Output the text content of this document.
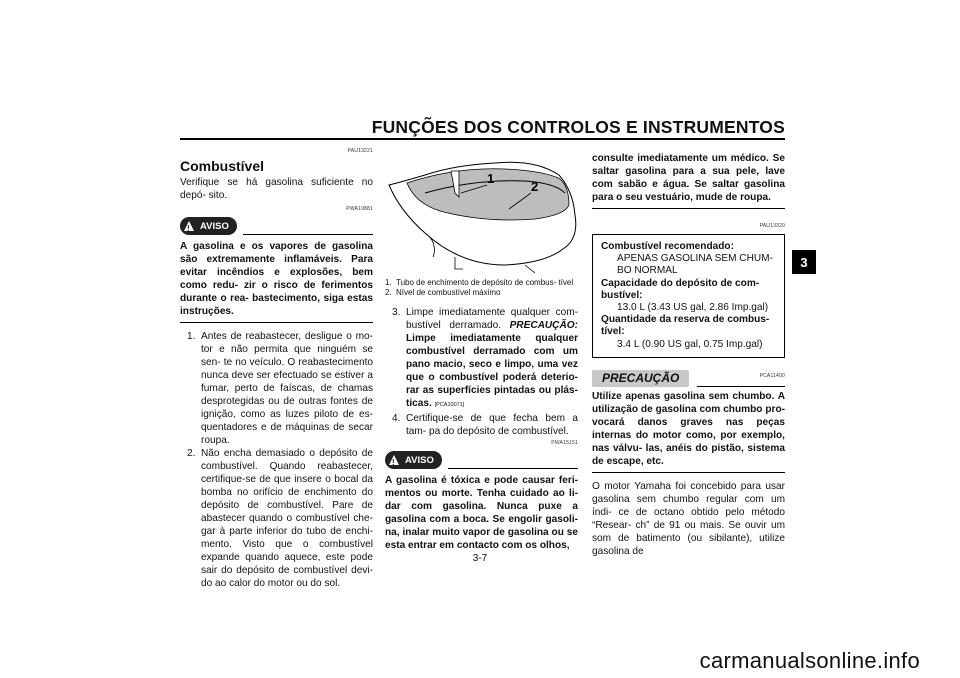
FUNÇÕES DOS CONTROLOS E INSTRUMENTOS
3
PAU13221
Combustível

Verifique se há gasolina suficiente no depó- sito.

PWA10881
!
AVISO

A gasolina e os vapores de gasolina são extremamente inflamáveis. Para evitar incêndios e explosões, bem como redu- zir o risco de ferimentos durante o rea- bastecimento, siga estas instruções.

1. Antes de reabastecer, desligue o mo- tor e não permita que ninguém se sen- te no veículo. O reabastecimento nunca deve ser efectuado se estiver a fumar, perto de faíscas, de chamas desprotegidas ou de outras fontes de ignição, como as luzes piloto de es- quentadores e de máquinas de secar roupa.
2. Não encha demasiado o depósito de combustível. Quando reabastecer, certifique-se de que insere o bocal da bomba no orifício de enchimento do depósito de combustível. Pare de abastecer quando o combustível che- gar à parte inferior do tubo de enchi- mento. Visto que o combustível expande quando aquece, este pode sair do depósito de combustível devi- do ao calor do motor ou do sol.
1
2
1. Tubo de enchimento de depósito de combus- tível
2. Nível de combustível máximo
3. Limpe imediatamente qualquer com- bustível derramado. PRECAUÇÃO: Limpe imediatamente qualquer combustível derramado com um pano macio, seco e limpo, uma vez que o combustível poderá deterio- rar as superfícies pintadas ou plás- ticas. [PCA10071]
4. Certifique-se de que fecha bem a tam- pa do depósito de combustível.
PWA15151
!
AVISO

A gasolina é tóxica e pode causar feri- mentos ou morte. Tenha cuidado ao li- dar com gasolina. Nunca puxe a gasolina com a boca. Se engolir gasoli- na, inalar muito vapor de gasolina ou se esta entrar em contacto com os olhos,

consulte imediatamente um médico. Se saltar gasolina para a sua pele, lave com sabão e água. Se saltar gasolina para o seu vestuário, mude de roupa.

PAU13320
Combustível recomendado:
APENAS GASOLINA SEM CHUM- BO NORMAL
Capacidade do depósito de com- bustível:
13.0 L (3.43 US gal, 2.86 Imp.gal)
Quantidade da reserva de combus- tível:
3.4 L (0.90 US gal, 0.75 Imp.gal)
PRECAUÇÃO	PCA11400

Utilize apenas gasolina sem chumbo. A utilização de gasolina com chumbo pro- vocará danos graves nas peças internas do motor como, por exemplo, nas válvu- las, anéis do pistão, sistema de escape, etc.

O motor Yamaha foi concebido para usar gasolina sem chumbo regular com um índi- ce de octano obtido pelo método “Resear- ch” de 91 ou mais. Se ouvir um som de batimento (ou sibilante), utilize gasolina de

3-7
carmanualsonline.info
